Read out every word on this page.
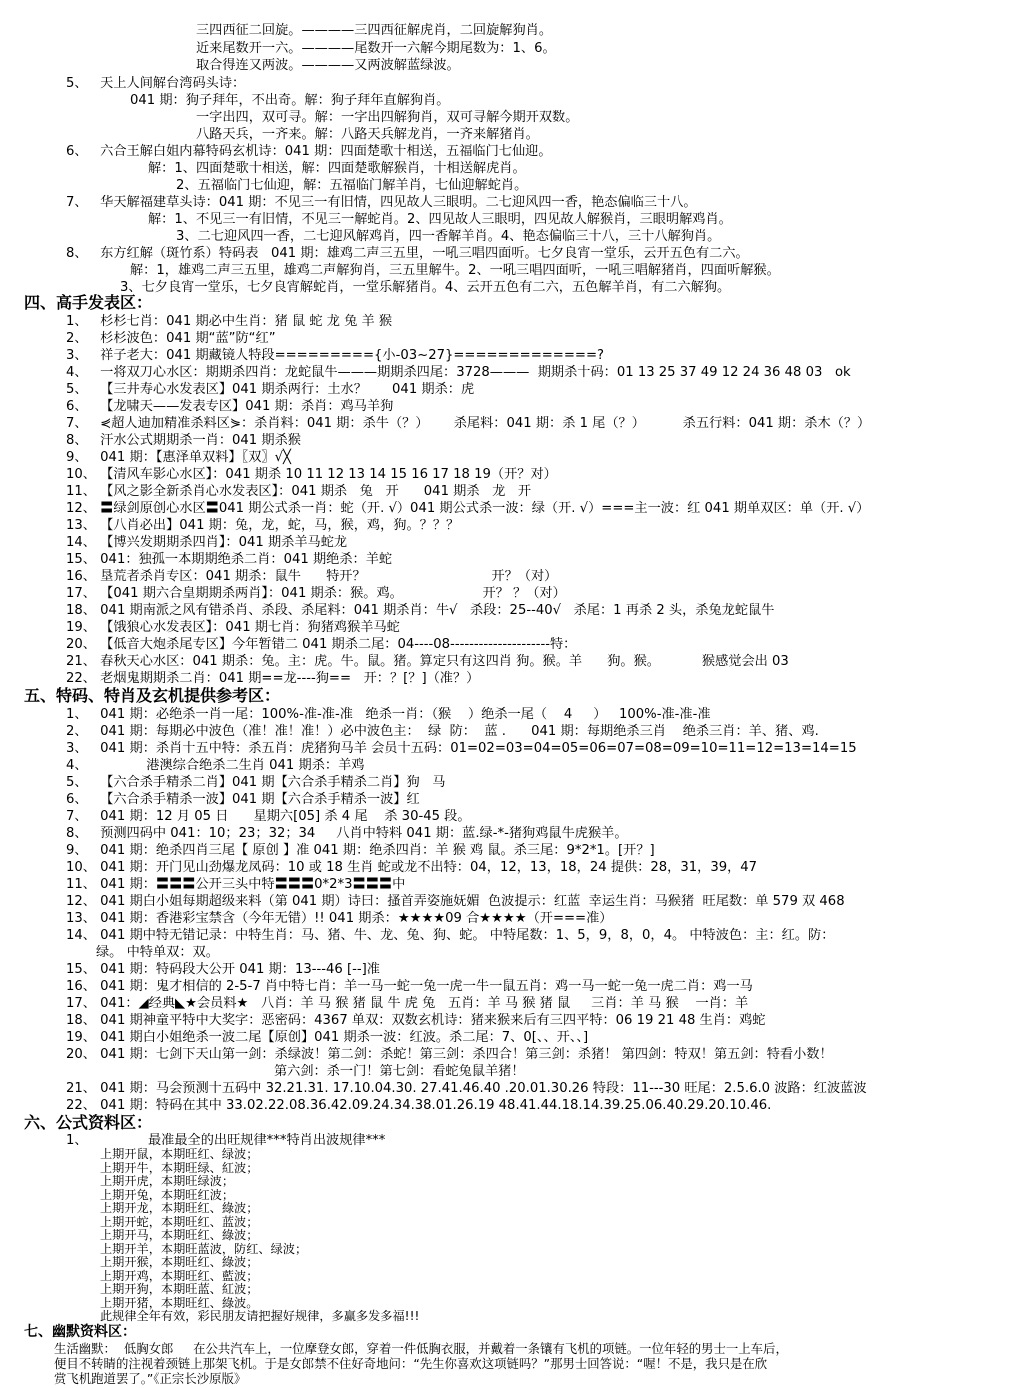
三四西征二回旋。————三四西征解虎肖，二回旋解狗肖。
近来尾数开一六。————尾数开一六解今期尾数为：1、6。
取合得连又两波。————又两波解蓝绿波。
5、   天上人间解台湾码头诗：
041 期：狗子拜年，不出奇。解：狗子拜年直解狗肖。
一字出四，双可寻。解：一字出四解狗肖，双可寻解今期开双数。
八路天兵，一齐来。解：八路天兵解龙肖，一齐来解猪肖。
6、   六合王解白姐内幕特码玄机诗：041 期：四面楚歌十相送，五福临门七仙迎。
解：1、四面楚歌十相送，解：四面楚歌解猴肖，十相送解虎肖。
2、五福临门七仙迎，解：五福临门解羊肖，七仙迎解蛇肖。
7、   华天解福建草头诗：041 期：不见三一有旧情，四见故人三眼明。二七迎风四一香，艳态偏临三十八。
解：1、不见三一有旧情，不见三一解蛇肖。2、四见故人三眼明，四见故人解猴肖，三眼明解鸡肖。
3、二七迎风四一香，二七迎风解鸡肖，四一香解羊肖。4、艳态偏临三十八，三十八解狗肖。
8、   东方红解（斑竹系）特码表   041 期：雄鸡二声三五里，一吼三唱四面听。七夕良宵一堂乐，云开五色有二六。
解：1，雄鸡二声三五里，雄鸡二声解狗肖，三五里解牛。2、一吼三唱四面听，一吼三唱解猪肖，四面听解猴。
3、七夕良宵一堂乐，七夕良宵解蛇肖，一堂乐解猪肖。4、云开五色有二六，五色解羊肖，有二六解狗。
四、高手发表区：
1、   杉杉七肖：041 期必中生肖：猪 鼠 蛇 龙 兔 羊 猴
2、   杉杉波色：041 期“蓝”防“红”
3、   祥子老大：041 期藏镜人特段========={小-03~27}=============?
4、   一将双刀心水区：期期杀四肖：龙蛇鼠牛———期期杀四尾：3728———  期期杀十码：01 13 25 37 49 12 24 36 48 03   ok
5、   【三井寿心水发表区】041 期杀两行：土水？      041 期杀：虎
6、   【龙啸天——发表专区】041 期：杀肖：鸡马羊狗
7、   ⋞超人迪加精准杀料区⋟：杀肖料：041 期：杀牛（？）      杀尾料：041 期：杀 1 尾（？）         杀五行料：041 期：杀木（？）
8、   汗水公式期期杀一肖：041 期杀猴
9、   041 期：【惠泽单双料】〖双〗√╳
10、 【清风车影心水区】：041 期杀 10 11 12 13 14 15 16 17 18 19（开？对）
11、 【风之影全新杀肖心水发表区】：041 期杀   兔   开      041 期杀   龙   开
12、 〓绿剑原创心水区〓041 期公式杀一肖：蛇（开. √）041 期公式杀一波：绿（开. √）===主一波：红 041 期单双区：单（开. √）
13、 【八肖必出】041 期：兔，龙，蛇，马，猴，鸡，狗。？？？
14、 【博兴发期期杀四肖】：041 期杀羊马蛇龙
15、 041：独孤一本期期绝杀二肖：041 期绝杀：羊蛇
16、 垦荒者杀肖专区：041 期杀：鼠牛      特开？                              开？（对）
17、 【041 期六合皇期期杀两肖】：041 期杀：猴。鸡。                   开？ ？（对）
18、 041 期南派之风有错杀肖、杀段、杀尾料：041 期杀肖：牛√   杀段：25--40√   杀尾：1 再杀 2 头，杀兔龙蛇鼠牛
19、 【饿狼心水发表区】：041 期七肖：狗猪鸡猴羊马蛇
20、 【低音大炮杀尾专区】今年暂错二 041 期杀二尾：04----08---------------------特：
21、 春秋天心水区：041 期杀：兔。主：虎。牛。鼠。猪。算定只有这四肖 狗。猴。羊      狗。猴。          猴感觉会出 03
22、 老烟鬼期期杀二肖：041 期==龙----狗==   开：？[？]（准？）
五、特码、特肖及玄机提供参考区：
1、   041 期：必绝杀一肖一尾：100%-准-准-准   绝杀一肖：（猴    ）绝杀一尾（    4     ）   100%-准-准-准
2、   041 期：每期必中波色（准！准！准！）必中波色主：  绿  防：  蓝 .      041 期：每期绝杀三肖    绝杀三肖：羊、猪、鸡.
3、   041 期：杀肖十五中特：杀五肖：虎猪狗马羊 会员十五码：01=02=03=04=05=06=07=08=09=10=11=12=13=14=15
4、              港澳综合绝杀二生肖 041 期杀：羊鸡
5、   【六合杀手精杀二肖】041 期【六合杀手精杀二肖】狗   马
6、   【六合杀手精杀一波】041 期【六合杀手精杀一波】红
7、   041 期：12 月 05 日      星期六[05] 杀 4 尾    杀 30-45 段。
8、   预测四码中 041：10；23；32；34     八肖中特料 041 期：蓝.绿-*-猪狗鸡鼠牛虎猴羊。
9、   041 期：绝杀四肖三尾【 原创 】准 041 期：绝杀四肖：羊 猴 鸡 鼠。杀三尾：9*2*1。[开？]
10、 041 期：开门见山劲爆龙凤码：10 或 18 生肖 蛇或龙不出特：04，12，13，18，24 提供：28，31，39，47
11、 041 期：〓〓〓公开三头中特〓〓〓0*2*3〓〓〓中
12、 041 期白小姐每期超级来料（第 041 期）诗曰：搔首弄姿施妩媚  色波提示：红蓝  幸运生肖：马猴猪  旺尾数：单 579 双 468
13、 041 期：香港彩宝禁含（今年无错）!! 041 期杀：★★★★09 合★★★★（开===准）
14、 041 期中特无错记录：中特生肖：马、猪、牛、龙、兔、狗、蛇。 中特尾数：1、5，9，8，0，4。 中特波色：主：红。防：
绿。 中特单双：双。
15、 041 期：特码段大公开 041 期：13---46 [--]准
16、 041 期：鬼才相信的 2-5-7 肖中特七肖：羊一马一蛇一兔一虎一牛一鼠五肖：鸡一马一蛇一兔一虎二肖：鸡一马
17、 041：◢经典◣★会员料★   八肖：羊 马 猴 猪 鼠 牛 虎 兔   五肖：羊 马 猴 猪 鼠     三肖：羊 马 猴    一肖：羊
18、 041 期神童平特中大奖字：恶密码：4367 单双：双数玄机诗：猪来猴来后有三四平特：06 19 21 48 生肖：鸡蛇
19、 041 期白小姐绝杀一波二尾【原创】041 期杀一波：红波。杀二尾：7、0[、、开、、]
20、 041 期：七剑下天山第一剑：杀绿波！第二剑：杀蛇！第三剑：杀四合！第三剑：杀猪！ 第四剑：特双！第五剑：特看小数！
第六剑：杀一门！第七剑：看蛇兔鼠羊猪！
21、 041 期：马会预测十五码中 32.21.31. 17.10.04.30. 27.41.46.40 .20.01.30.26 特段：11---30 旺尾：2.5.6.0 波路：红波蓝波
22、 041 期：特码在其中 33.02.22.08.36.42.09.24.34.38.01.26.19 48.41.44.18.14.39.25.06.40.29.20.10.46.
六、公式资料区：
1、	最准最全的出旺规律***特肖出波规律***
上期开鼠，本期旺红、绿波；
上期开牛，本期旺绿、紅波；
上期开虎，本期旺绿波；
上期开兔，本期旺红波；
上期开龙，本期旺红、綠波；
上期开蛇，本期旺红、蓝波；
上期开马，本期旺红、綠波；
上期开羊，本期旺蓝波，防红、绿波；
上期开猴，本期旺红、綠波；
上期开鸡，本期旺红、藍波；
上期开狗，本期旺蓝、紅波；
上期开猪，本期旺红、綠波。
此规律全年有效，彩民朋友请把握好规律，多赢多发多福!!!
七、幽默资料区：
生活幽默：  低胸女郎     在公共汽车上，一位摩登女郎，穿着一件低胸衣服，并戴着一条镶有飞机的项链。一位年轻的男士一上车后，
便目不转睛的注视着颈链上那架飞机。于是女郎禁不住好奇地问：“先生你喜欢这项链吗？”那男士回答说：“喔！不是，我只是在欣
赏飞机跑道罢了。”《正宗长沙原版》
